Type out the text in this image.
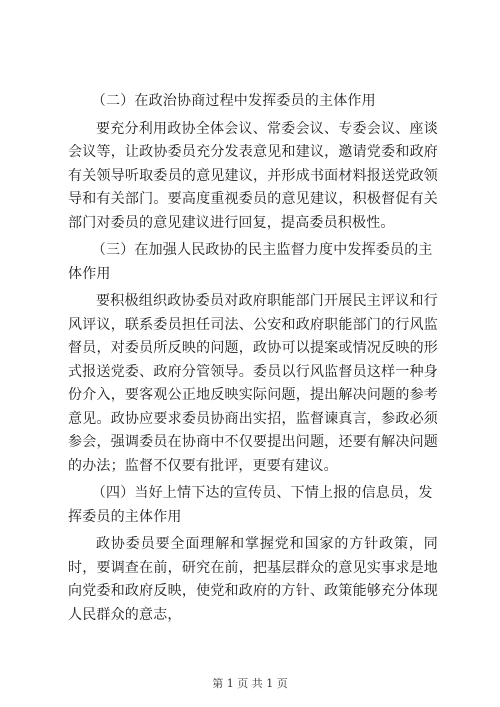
（二）在政治协商过程中发挥委员的主体作用

要充分利用政协全体会议、常委会议、专委会议、座谈会议等，让政协委员充分发表意见和建议，邀请党委和政府有关领导听取委员的意见建议，并形成书面材料报送党政领导和有关部门。要高度重视委员的意见建议，积极督促有关部门对委员的意见建议进行回复，提高委员积极性。

（三）在加强人民政协的民主监督力度中发挥委员的主体作用

要积极组织政协委员对政府职能部门开展民主评议和行风评议，联系委员担任司法、公安和政府职能部门的行风监督员，对委员所反映的问题，政协可以提案或情况反映的形式报送党委、政府分管领导。委员以行风监督员这样一种身份介入，要客观公正地反映实际问题，提出解决问题的参考意见。政协应要求委员协商出实招，监督谏真言，参政必须参会，强调委员在协商中不仅要提出问题，还要有解决问题的办法；监督不仅要有批评，更要有建议。

（四）当好上情下达的宣传员、下情上报的信息员，发挥委员的主体作用

政协委员要全面理解和掌握党和国家的方针政策，同时，要调查在前，研究在前，把基层群众的意见实事求是地向党委和政府反映，使党和政府的方针、政策能够充分体现人民群众的意志，

第 1 页 共 1 页
